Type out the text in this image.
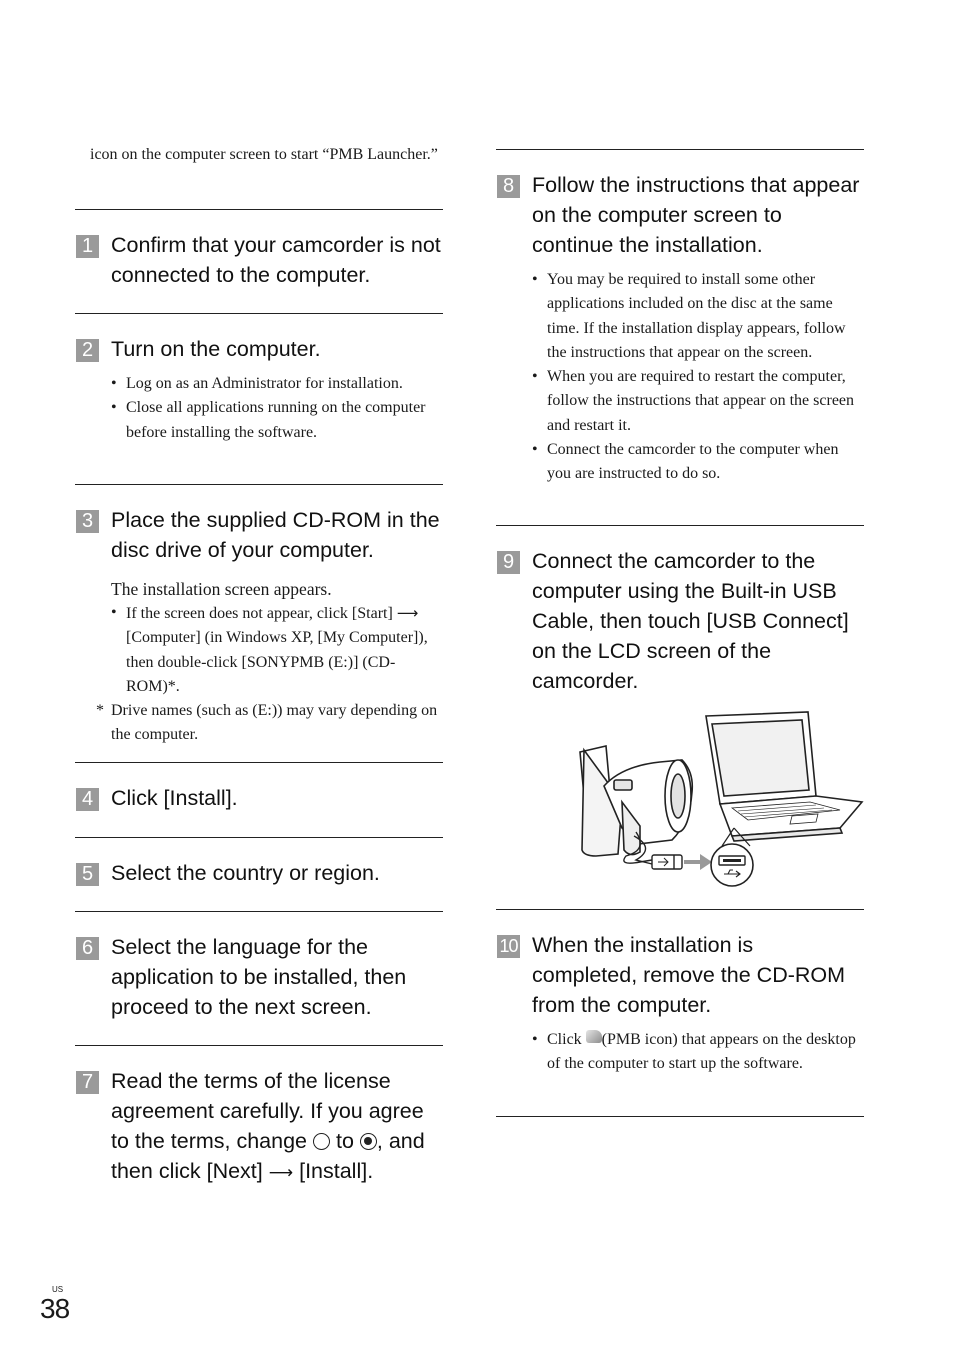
icon on the computer screen to start “PMB Launcher.”
1 Confirm that your camcorder is not connected to the computer.
2 Turn on the computer.
• Log on as an Administrator for installation.
• Close all applications running on the computer before installing the software.
3 Place the supplied CD-ROM in the disc drive of your computer.

The installation screen appears.

• If the screen does not appear, click [Start] ⟶ [Computer] (in Windows XP, [My Computer]), then double-click [SONYPMB (E:)] (CD-ROM)*.
* Drive names (such as (E:)) may vary depending on the computer.
4 Click [Install].
5 Select the country or region.
6 Select the language for the application to be installed, then proceed to the next screen.
7 Read the terms of the license agreement carefully. If you agree to the terms, change to , and then click [Next] ⟶ [Install].
8 Follow the instructions that appear on the computer screen to continue the installation.
• You may be required to install some other applications included on the disc at the same time. If the installation display appears, follow the instructions that appear on the screen.
• When you are required to restart the computer, follow the instructions that appear on the screen and restart it.
• Connect the camcorder to the computer when you are instructed to do so.
9 Connect the camcorder to the computer using the Built-in USB Cable, then touch [USB Connect] on the LCD screen of the camcorder.
10 When the installation is completed, remove the CD-ROM from the computer.
• Click (PMB icon) that appears on the desktop of the computer to start up the software.
US
38
